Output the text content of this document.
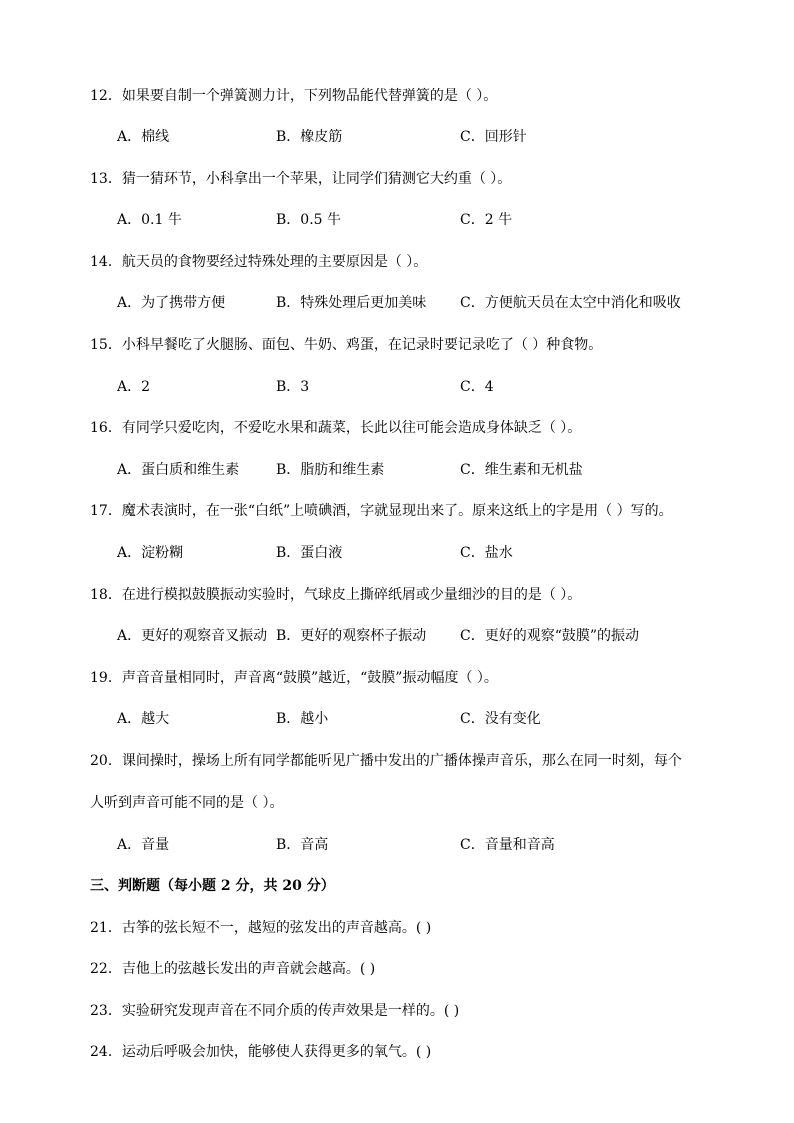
12．如果要自制一个弹簧测力计，下列物品能代替弹簧的是（ ）。
A．棉线	B．橡皮筋	C．回形针
13．猜一猜环节，小科拿出一个苹果，让同学们猜测它大约重（ ）。
A．0.1 牛	B．0.5 牛	C．2 牛
14．航天员的食物要经过特殊处理的主要原因是（ ）。
A．为了携带方便	B．特殊处理后更加美味 C．方便航天员在太空中消化和吸收
15．小科早餐吃了火腿肠、面包、牛奶、鸡蛋，在记录时要记录吃了（ ）种食物。
A．2	B．3	C．4
16．有同学只爱吃肉，不爱吃水果和蔬菜，长此以往可能会造成身体缺乏（ ）。
A．蛋白质和维生素	B．脂肪和维生素	C．维生素和无机盐
17．魔术表演时，在一张“白纸”上喷碘酒，字就显现出来了。原来这纸上的字是用（ ）写的。
A．淀粉糊	B．蛋白液	C．盐水
18．在进行模拟鼓膜振动实验时，气球皮上撕碎纸屑或少量细沙的目的是（ ）。
A．更好的观察音叉振动 B．更好的观察杯子振动 C．更好的观察“鼓膜”的振动
19．声音音量相同时，声音离“鼓膜”越近，“鼓膜”振动幅度（ ）。
A．越大	B．越小	C．没有变化
20．课间操时，操场上所有同学都能听见广播中发出的广播体操声音乐，那么在同一时刻，每个
人听到声音可能不同的是（ ）。
A．音量	B．音高	C．音量和音高
三、判断题（每小题 2 分，共 20 分）
21．古筝的弦长短不一，越短的弦发出的声音越高。( )
22．吉他上的弦越长发出的声音就会越高。( )
23．实验研究发现声音在不同介质的传声效果是一样的。( )
24．运动后呼吸会加快，能够使人获得更多的氧气。( )
